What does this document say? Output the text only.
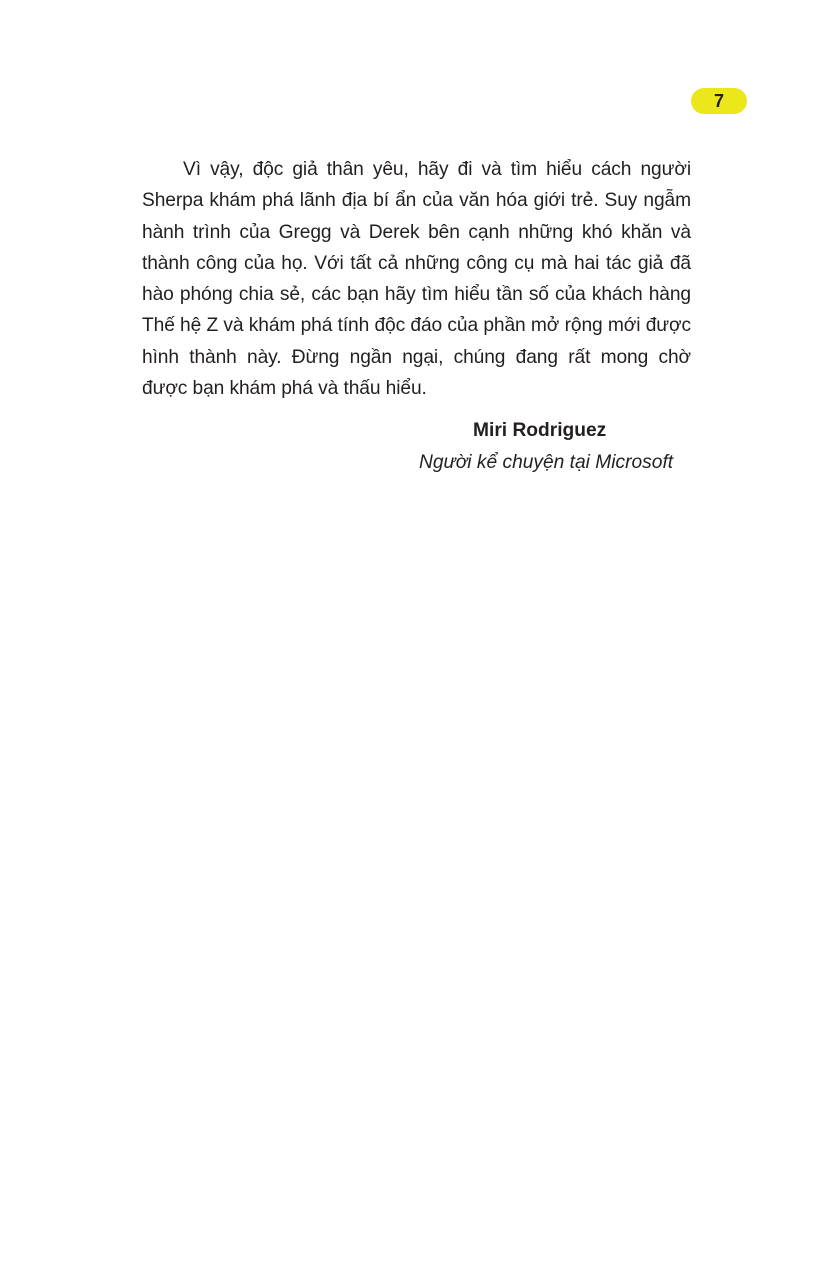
7

Vì vậy, độc giả thân yêu, hãy đi và tìm hiểu cách người Sherpa khám phá lãnh địa bí ẩn của văn hóa giới trẻ. Suy ngẫm hành trình của Gregg và Derek bên cạnh những khó khăn và thành công của họ. Với tất cả những công cụ mà hai tác giả đã hào phóng chia sẻ, các bạn hãy tìm hiểu tần số của khách hàng Thế hệ Z và khám phá tính độc đáo của phần mở rộng mới được hình thành này. Đừng ngần ngại, chúng đang rất mong chờ được bạn khám phá và thấu hiểu.

Miri Rodriguez
Người kể chuyện tại Microsoft
